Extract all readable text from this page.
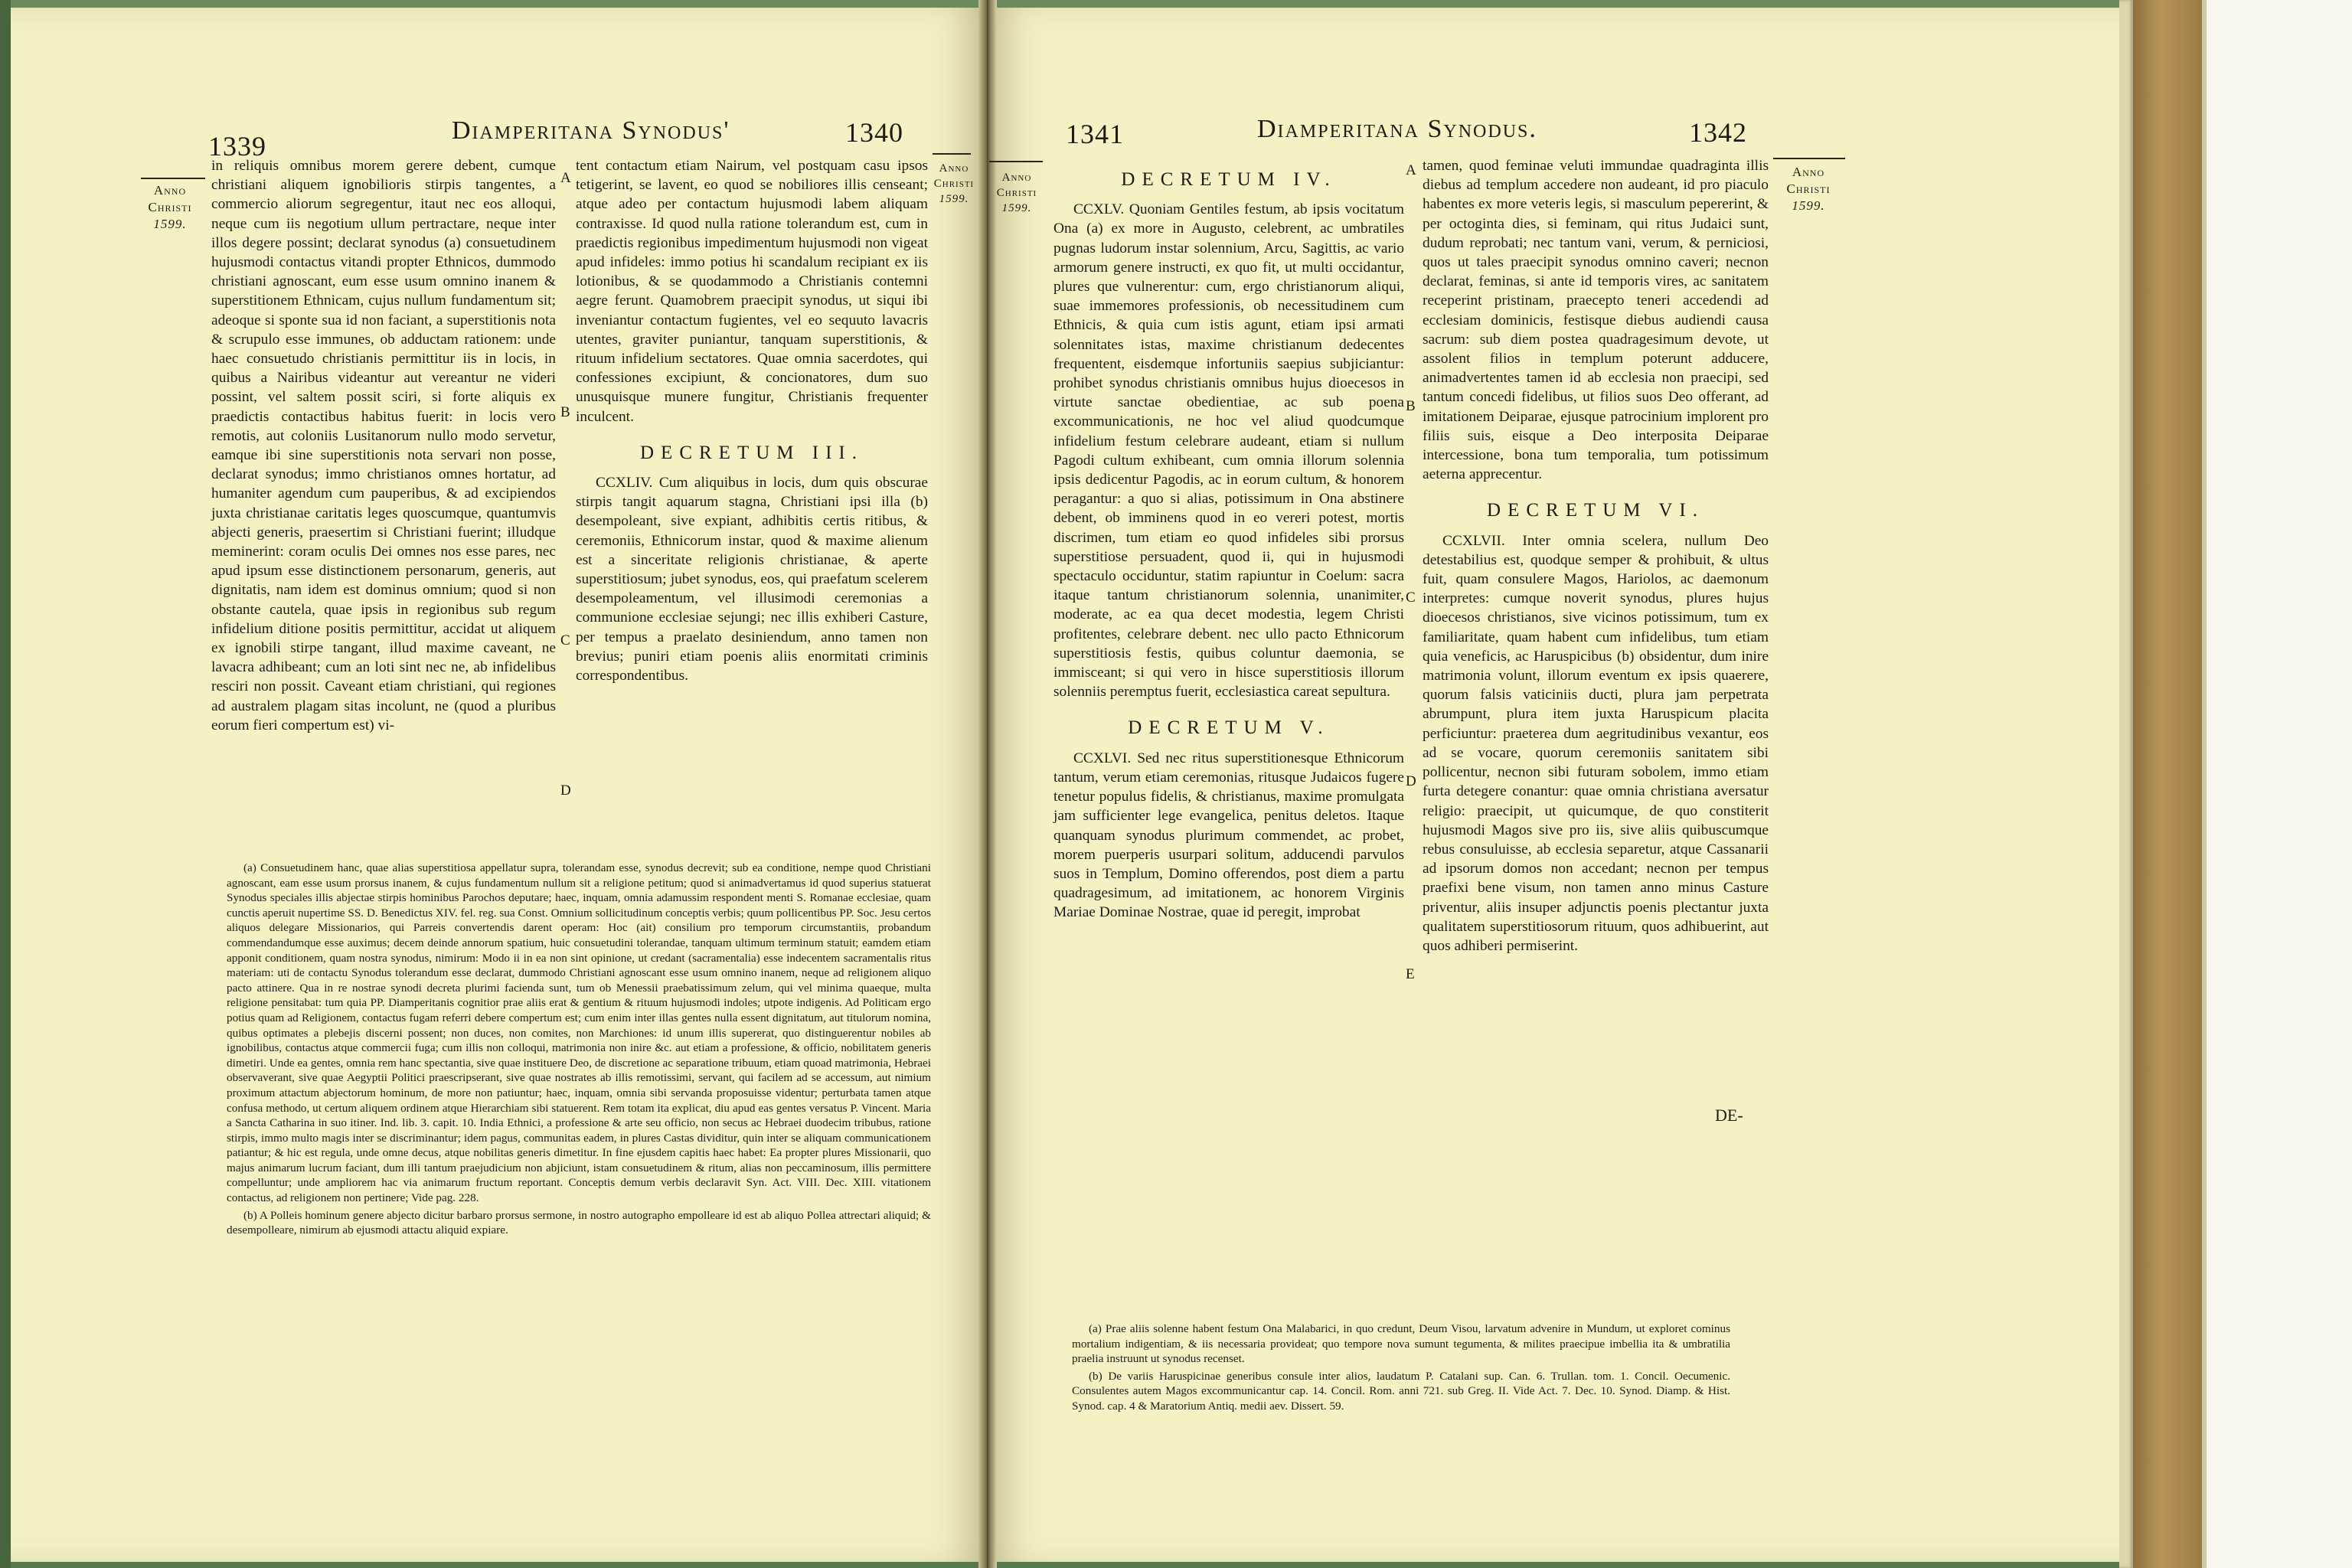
1339
Diamperitana Synodus'	1340
Anno
Christi
1599.
Anno
Christi
1599.

in reliquis omnibus morem gerere debent, cumque christiani aliquem ignobilioris stirpis tangentes, a commercio aliorum segregentur, itaut nec eos alloqui, neque cum iis negotium ullum pertractare, neque inter illos degere possint; declarat synodus (a) consuetudinem hujusmodi contactus vitandi propter Ethnicos, dummodo christiani agnoscant, eum esse usum omnino inanem & superstitionem Ethnicam, cujus nullum fundamentum sit; adeoque si sponte sua id non faciant, a superstitionis nota & scrupulo esse immunes, ob adductam rationem: unde haec consuetudo christianis permittitur iis in locis, in quibus a Nairibus videantur aut vereantur ne videri possint, vel saltem possit sciri, si forte aliquis ex praedictis contactibus habitus fuerit: in locis vero remotis, aut coloniis Lusitanorum nullo modo servetur, eamque ibi sine superstitionis nota servari non posse, declarat synodus; immo christianos omnes hortatur, ad humaniter agendum cum pauperibus, & ad excipiendos juxta christianae caritatis leges quoscumque, quantumvis abjecti generis, praesertim si Christiani fuerint; illudque meminerint: coram oculis Dei omnes nos esse pares, nec apud ipsum esse distinctionem personarum, generis, aut dignitatis, nam idem est dominus omnium; quod si non obstante cautela, quae ipsis in regionibus sub regum infidelium ditione positis permittitur, accidat ut aliquem ex ignobili stirpe tangant, illud maxime caveant, ne lavacra adhibeant; cum an loti sint nec ne, ab infidelibus resciri non possit. Caveant etiam christiani, qui regiones ad australem plagam sitas incolunt, ne (quod a pluribus eorum fieri compertum est) vi-

tent contactum etiam Nairum, vel postquam casu ipsos tetigerint, se lavent, eo quod se nobiliores illis censeant; atque adeo per contactum hujusmodi labem aliquam contraxisse. Id quod nulla ratione tolerandum est, cum in praedictis regionibus impedimentum hujusmodi non vigeat apud infideles: immo potius hi scandalum recipiant ex iis lotionibus, & se quodammodo a Christianis contemni aegre ferunt. Quamobrem praecipit synodus, ut siqui ibi inveniantur contactum fugientes, vel eo sequuto lavacris utentes, graviter puniantur, tanquam superstitionis, & rituum infidelium sectatores. Quae omnia sacerdotes, qui confessiones excipiunt, & concionatores, dum suo unusquisque munere fungitur, Christianis frequenter inculcent.

DECRETUM III.

CCXLIV. Cum aliquibus in locis, dum quis obscurae stirpis tangit aquarum stagna, Christiani ipsi illa (b) desempoleant, sive expiant, adhibitis certis ritibus, & ceremoniis, Ethnicorum instar, quod & maxime alienum est a sinceritate religionis christianae, & aperte superstitiosum; jubet synodus, eos, qui praefatum scelerem desempoleamentum, vel illusimodi ceremonias a communione ecclesiae sejungi; nec illis exhiberi Casture, per tempus a praelato desiniendum, anno tamen non brevius; puniri etiam poenis aliis enormitati criminis correspondentibus.

A
B
C
D

(a) Consuetudinem hanc, quae alias superstitiosa appellatur supra, tolerandam esse, synodus decrevit; sub ea conditione, nempe quod Christiani agnoscant, eam esse usum prorsus inanem, & cujus fundamentum nullum sit a religione petitum; quod si animadvertamus id quod superius statuerat Synodus speciales illis abjectae stirpis hominibus Parochos deputare; haec, inquam, omnia adamussim respondent menti S. Romanae ecclesiae, quam cunctis aperuit nupertime SS. D. Benedictus XIV. fel. reg. sua Const. Omnium sollicitudinum conceptis verbis; quum pollicentibus PP. Soc. Jesu certos aliquos delegare Missionarios, qui Parreis convertendis darent operam: Hoc (ait) consilium pro temporum circumstantiis, probandum commendandumque esse auximus; decem deinde annorum spatium, huic consuetudini tolerandae, tanquam ultimum terminum statuit; eamdem etiam apponit conditionem, quam nostra synodus, nimirum: Modo ii in ea non sint opinione, ut credant (sacramentalia) esse indecentem sacramentalis ritus materiam: uti de contactu Synodus tolerandum esse declarat, dummodo Christiani agnoscant esse usum omnino inanem, neque ad religionem aliquo pacto attinere. Qua in re nostrae synodi decreta plurimi facienda sunt, tum ob Menessii praebatissimum zelum, qui vel minima quaeque, multa religione pensitabat: tum quia PP. Diamperitanis cognitior prae aliis erat & gentium & rituum hujusmodi indoles; utpote indigenis. Ad Politicam ergo potius quam ad Religionem, contactus fugam referri debere compertum est; cum enim inter illas gentes nulla essent dignitatum, aut titulorum nomina, quibus optimates a plebejis discerni possent; non duces, non comites, non Marchiones: id unum illis supererat, quo distinguerentur nobiles ab ignobilibus, contactus atque commercii fuga; cum illis non colloqui, matrimonia non inire &c. aut etiam a professione, & officio, nobilitatem generis dimetiri. Unde ea gentes, omnia rem hanc spectantia, sive quae instituere Deo, de discretione ac separatione tribuum, etiam quoad matrimonia, Hebraei observaverant, sive quae Aegyptii Politici praescripserant, sive quae nostrates ab illis remotissimi, servant, qui facilem ad se accessum, aut nimium proximum attactum abjectorum hominum, de more non patiuntur; haec, inquam, omnia sibi servanda proposuisse videntur; perturbata tamen atque confusa methodo, ut certum aliquem ordinem atque Hierarchiam sibi statuerent. Rem totam ita explicat, diu apud eas gentes versatus P. Vincent. Maria a Sancta Catharina in suo itiner. Ind. lib. 3. capit. 10. India Ethnici, a professione & arte seu officio, non secus ac Hebraei duodecim tribubus, ratione stirpis, immo multo magis inter se discriminantur; idem pagus, communitas eadem, in plures Castas dividitur, quin inter se aliquam communicationem patiantur; & hic est regula, unde omne decus, atque nobilitas generis dimetitur. In fine ejusdem capitis haec habet: Ea propter plures Missionarii, quo majus animarum lucrum faciant, dum illi tantum praejudicium non abjiciunt, istam consuetudinem & ritum, alias non peccaminosum, illis permittere compelluntur; unde ampliorem hac via animarum fructum reportant. Conceptis demum verbis declaravit Syn. Act. VIII. Dec. XIII. vitationem contactus, ad religionem non pertinere; Vide pag. 228.

(b) A Polleis hominum genere abjecto dicitur barbaro prorsus sermone, in nostro autographo empolleare id est ab aliquo Pollea attrectari aliquid; & desempolleare, nimirum ab ejusmodi attactu aliquid expiare.

Anno
Christi
1599.
1341	Diamperitana Synodus.	1342
Anno
Christi
1599.
DECRETUM IV.

CCXLV. Quoniam Gentiles festum, ab ipsis vocitatum Ona (a) ex more in Augusto, celebrent, ac umbratiles pugnas ludorum instar solennium, Arcu, Sagittis, ac vario armorum genere instructi, ex quo fit, ut multi occidantur, plures que vulnerentur: cum, ergo christianorum aliqui, suae immemores professionis, ob necessitudinem cum Ethnicis, & quia cum istis agunt, etiam ipsi armati solennitates istas, maxime christianum dedecentes frequentent, eisdemque infortuniis saepius subjiciantur: prohibet synodus christianis omnibus hujus dioecesos in virtute sanctae obedientiae, ac sub poena excommunicationis, ne hoc vel aliud quodcumque infidelium festum celebrare audeant, etiam si nullum Pagodi cultum exhibeant, cum omnia illorum solennia ipsis dedicentur Pagodis, ac in eorum cultum, & honorem peragantur: a quo si alias, potissimum in Ona abstinere debent, ob imminens quod in eo vereri potest, mortis discrimen, tum etiam eo quod infideles sibi prorsus superstitiose persuadent, quod ii, qui in hujusmodi spectaculo occiduntur, statim rapiuntur in Coelum: sacra itaque tantum christianorum solennia, unanimiter, moderate, ac ea qua decet modestia, legem Christi profitentes, celebrare debent. nec ullo pacto Ethnicorum superstitiosis festis, quibus coluntur daemonia, se immisceant; si qui vero in hisce superstitiosis illorum solenniis peremptus fuerit, ecclesiastica careat sepultura.

DECRETUM V.

CCXLVI. Sed nec ritus superstitionesque Ethnicorum tantum, verum etiam ceremonias, ritusque Judaicos fugere tenetur populus fidelis, & christianus, maxime promulgata jam sufficienter lege evangelica, penitus deletos. Itaque quanquam synodus plurimum commendet, ac probet, morem puerperis usurpari solitum, adducendi parvulos suos in Templum, Domino offerendos, post diem a partu quadragesimum, ad imitationem, ac honorem Virginis Mariae Dominae Nostrae, quae id peregit, improbat

tamen, quod feminae veluti immundae quadraginta illis diebus ad templum accedere non audeant, id pro piaculo habentes ex more veteris legis, si masculum pepererint, & per octoginta dies, si feminam, qui ritus Judaici sunt, dudum reprobati; nec tantum vani, verum, & perniciosi, quos ut tales praecipit synodus omnino caveri; necnon declarat, feminas, si ante id temporis vires, ac sanitatem receperint pristinam, praecepto teneri accedendi ad ecclesiam dominicis, festisque diebus audiendi causa sacrum: sub diem postea quadragesimum devote, ut assolent filios in templum poterunt adducere, animadvertentes tamen id ab ecclesia non praecipi, sed tantum concedi fidelibus, ut filios suos Deo offerant, ad imitationem Deiparae, ejusque patrocinium implorent pro filiis suis, eisque a Deo interposita Deiparae intercessione, bona tum temporalia, tum potissimum aeterna apprecentur.

DECRETUM VI.

CCXLVII. Inter omnia scelera, nullum Deo detestabilius est, quodque semper & prohibuit, & ultus fuit, quam consulere Magos, Hariolos, ac daemonum interpretes: cumque noverit synodus, plures hujus dioecesos christianos, sive vicinos potissimum, tum ex familiaritate, quam habent cum infidelibus, tum etiam quia veneficis, ac Haruspicibus (b) obsidentur, dum inire matrimonia volunt, illorum eventum ex ipsis quaerere, quorum falsis vaticiniis ducti, plura jam perpetrata abrumpunt, plura item juxta Haruspicum placita perficiuntur: praeterea dum aegritudinibus vexantur, eos ad se vocare, quorum ceremoniis sanitatem sibi pollicentur, necnon sibi futuram sobolem, immo etiam furta detegere conantur: quae omnia christiana aversatur religio: praecipit, ut quicumque, de quo constiterit hujusmodi Magos sive pro iis, sive aliis quibuscumque rebus consuluisse, ab ecclesia separetur, atque Cassanarii ad ipsorum domos non accedant; necnon per tempus praefixi bene visum, non tamen anno minus Casture priventur, aliis insuper adjunctis poenis plectantur juxta qualitatem superstitiosorum rituum, quos adhibuerint, aut quos adhiberi permiserint.

DE-
A
B
C
D
E

(a) Prae aliis solenne habent festum Ona Malabarici, in quo credunt, Deum Visou, larvatum advenire in Mundum, ut exploret cominus mortalium indigentiam, & iis necessaria provideat; quo tempore nova sumunt tegumenta, & milites praecipue imbellia ita & umbratilia praelia instruunt ut synodus recenset.

(b) De variis Haruspicinae generibus consule inter alios, laudatum P. Catalani sup. Can. 6. Trullan. tom. 1. Concil. Oecumenic. Consulentes autem Magos excommunicantur cap. 14. Concil. Rom. anni 721. sub Greg. II. Vide Act. 7. Dec. 10. Synod. Diamp. & Hist. Synod. cap. 4 & Maratorium Antiq. medii aev. Dissert. 59.
